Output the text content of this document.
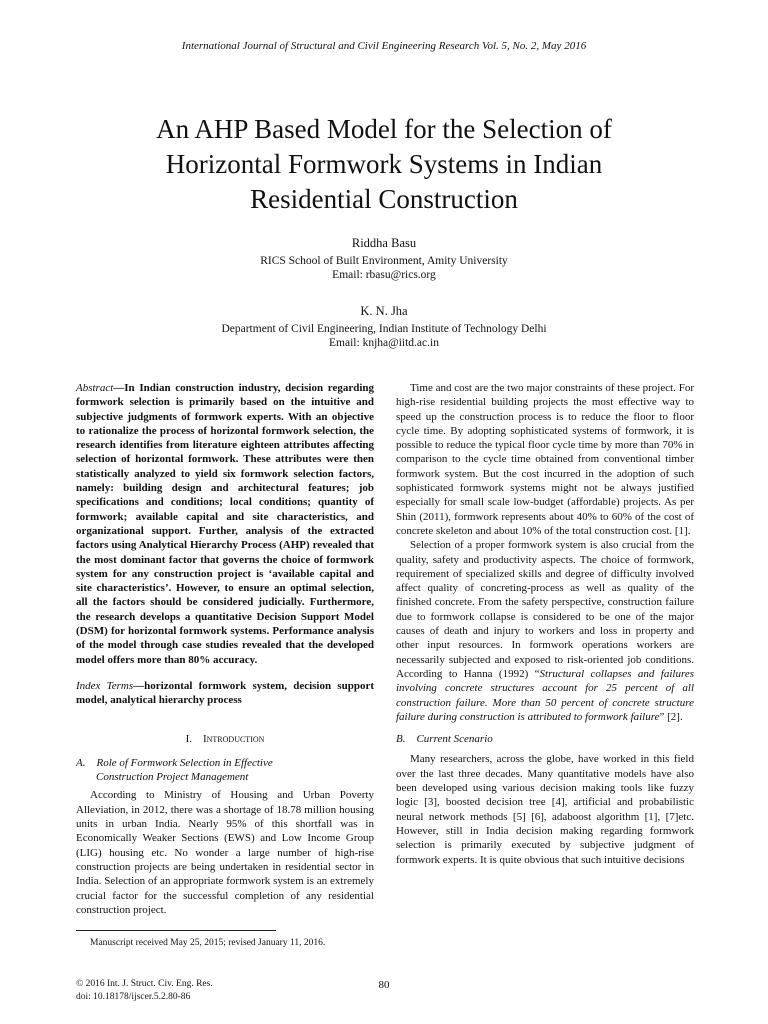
International Journal of Structural and Civil Engineering Research Vol. 5, No. 2, May 2016
An AHP Based Model for the Selection of
Horizontal Formwork Systems in Indian
Residential Construction
Riddha Basu
RICS School of Built Environment, Amity University
Email: rbasu@rics.org
K. N. Jha
Department of Civil Engineering, Indian Institute of Technology Delhi
Email: knjha@iitd.ac.in

Abstract—In Indian construction industry, decision regarding formwork selection is primarily based on the intuitive and subjective judgments of formwork experts. With an objective to rationalize the process of horizontal formwork selection, the research identifies from literature eighteen attributes affecting selection of horizontal formwork. These attributes were then statistically analyzed to yield six formwork selection factors, namely: building design and architectural features; job specifications and conditions; local conditions; quantity of formwork; available capital and site characteristics, and organizational support. Further, analysis of the extracted factors using Analytical Hierarchy Process (AHP) revealed that the most dominant factor that governs the choice of formwork system for any construction project is ‘available capital and site characteristics’. However, to ensure an optimal selection, all the factors should be considered judicially. Furthermore, the research develops a quantitative Decision Support Model (DSM) for horizontal formwork systems. Performance analysis of the model through case studies revealed that the developed model offers more than 80% accuracy.

Index Terms—horizontal formwork system, decision support model, analytical hierarchy process

I. Introduction
A. Role of Formwork Selection in Effective
Construction Project Management

According to Ministry of Housing and Urban Poverty Alleviation, in 2012, there was a shortage of 18.78 million housing units in urban India. Nearly 95% of this shortfall was in Economically Weaker Sections (EWS) and Low Income Group (LIG) housing etc. No wonder a large number of high-rise construction projects are being undertaken in residential sector in India. Selection of an appropriate formwork system is an extremely crucial factor for the successful completion of any residential construction project.

Time and cost are the two major constraints of these project. For high-rise residential building projects the most effective way to speed up the construction process is to reduce the floor to floor cycle time. By adopting sophisticated systems of formwork, it is possible to reduce the typical floor cycle time by more than 70% in comparison to the cycle time obtained from conventional timber formwork system. But the cost incurred in the adoption of such sophisticated formwork systems might not be always justified especially for small scale low-budget (affordable) projects. As per Shin (2011), formwork represents about 40% to 60% of the cost of concrete skeleton and about 10% of the total construction cost. [1].

Selection of a proper formwork system is also crucial from the quality, safety and productivity aspects. The choice of formwork, requirement of specialized skills and degree of difficulty involved affect quality of concreting-process as well as quality of the finished concrete. From the safety perspective, construction failure due to formwork collapse is considered to be one of the major causes of death and injury to workers and loss in property and other input resources. In formwork operations workers are necessarily subjected and exposed to risk-oriented job conditions. According to Hanna (1992) “Structural collapses and failures involving concrete structures account for 25 percent of all construction failure. More than 50 percent of concrete structure failure during construction is attributed to formwork failure” [2].

B. Current Scenario

Many researchers, across the globe, have worked in this field over the last three decades. Many quantitative models have also been developed using various decision making tools like fuzzy logic [3], boosted decision tree [4], artificial and probabilistic neural network methods [5] [6], adaboost algorithm [1], [7]etc. However, still in India decision making regarding formwork selection is primarily executed by subjective judgment of formwork experts. It is quite obvious that such intuitive decisions

Manuscript received May 25, 2015; revised January 11, 2016.
© 2016 Int. J. Struct. Civ. Eng. Res.
doi: 10.18178/ijscer.5.2.80-86
80
